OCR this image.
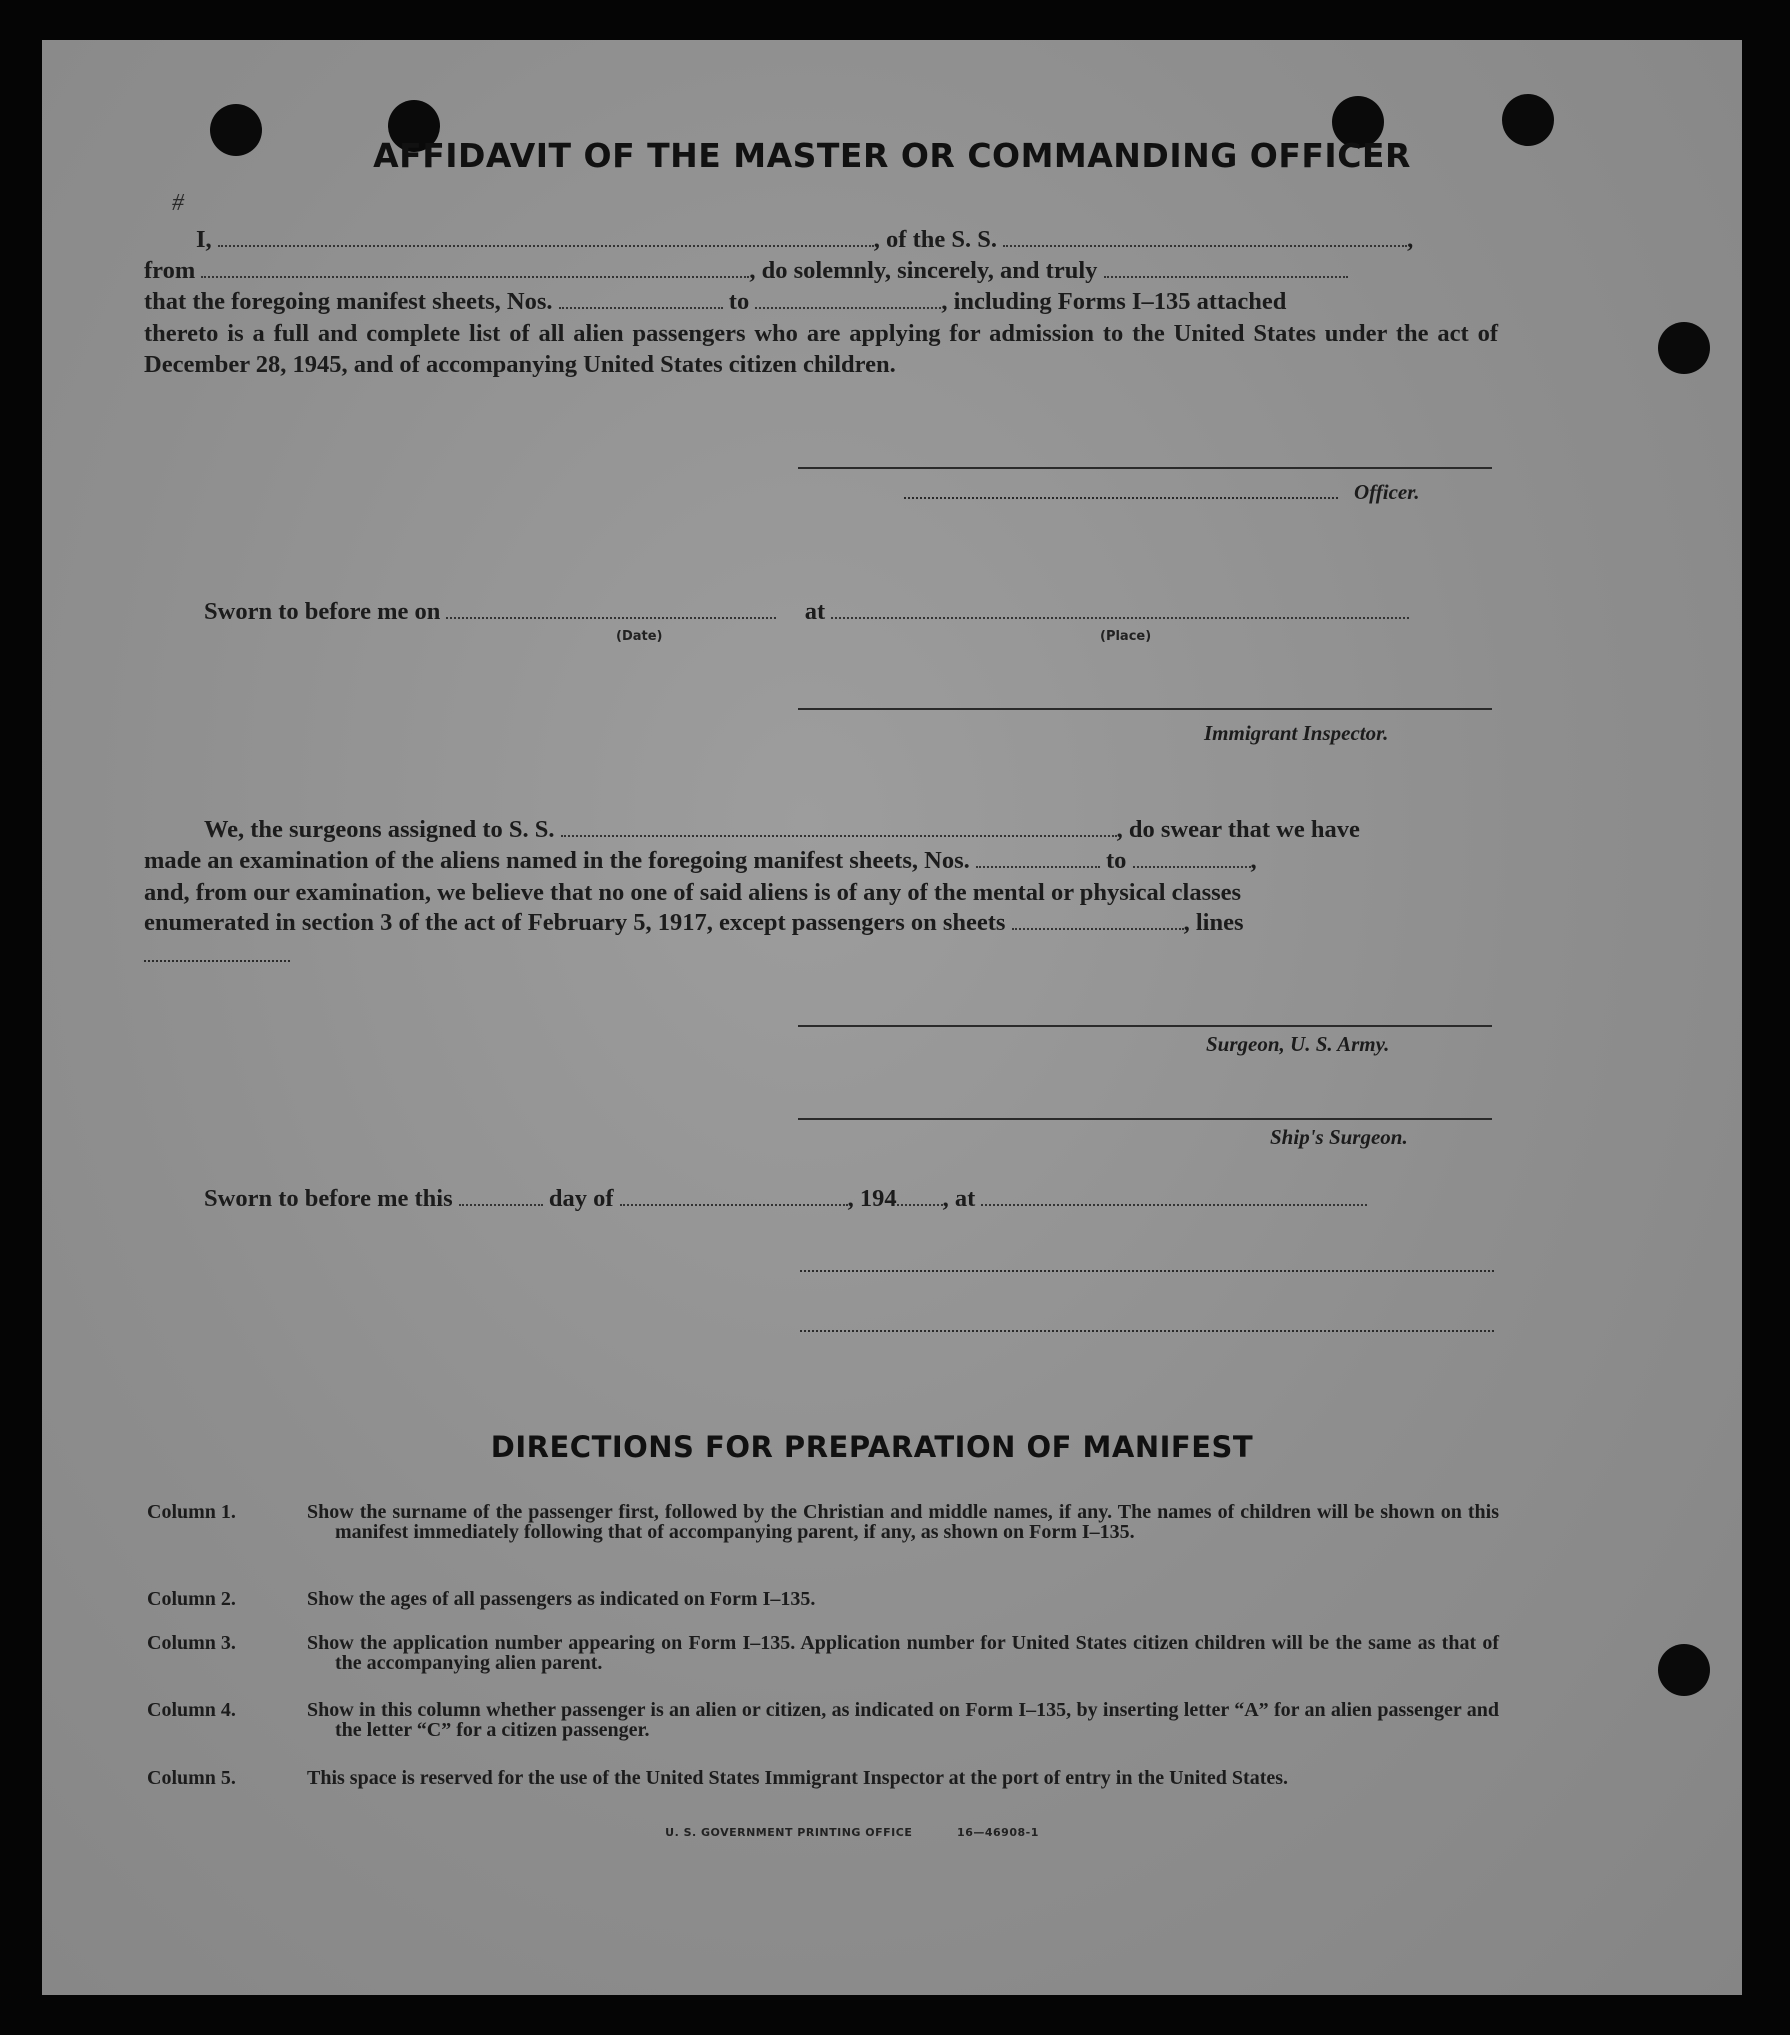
AFFIDAVIT OF THE MASTER OR COMMANDING OFFICER
#
I,	, of the S. S.	,
from	, do solemnly, sincerely, and truly
that the foregoing manifest sheets, Nos.	to	, including Forms I–135 attached
thereto is a full and complete list of all alien passengers who are applying for admission to the United States under the act of December 28, 1945, and of accompanying United States citizen children.
Officer.
Sworn to before me on	at
(Date)	(Place)
Immigrant Inspector.
We, the surgeons assigned to S. S.	, do swear that we have
made an examination of the aliens named in the foregoing manifest sheets, Nos.	to	,
and, from our examination, we believe that no one of said aliens is of any of the mental or physical classes
enumerated in section 3 of the act of February 5, 1917, except passengers on sheets	, lines
Surgeon, U. S. Army.
Ship's Surgeon.
Sworn to before me this	day of	, 194 , at
DIRECTIONS FOR PREPARATION OF MANIFEST
Column 1.	Show the surname of the passenger first, followed by the Christian and middle names, if any. The names of children will be shown on this manifest immediately following that of accompanying parent, if any, as shown on Form I–135.
Column 2.	Show the ages of all passengers as indicated on Form I–135.
Column 3.	Show the application number appearing on Form I–135. Application number for United States citizen children will be the same as that of the accompanying alien parent.
Column 4.	Show in this column whether passenger is an alien or citizen, as indicated on Form I–135, by inserting letter “A” for an alien passenger and the letter “C” for a citizen passenger.
Column 5.	This space is reserved for the use of the United States Immigrant Inspector at the port of entry in the United States.
U. S. GOVERNMENT PRINTING OFFICE	16—46908-1
